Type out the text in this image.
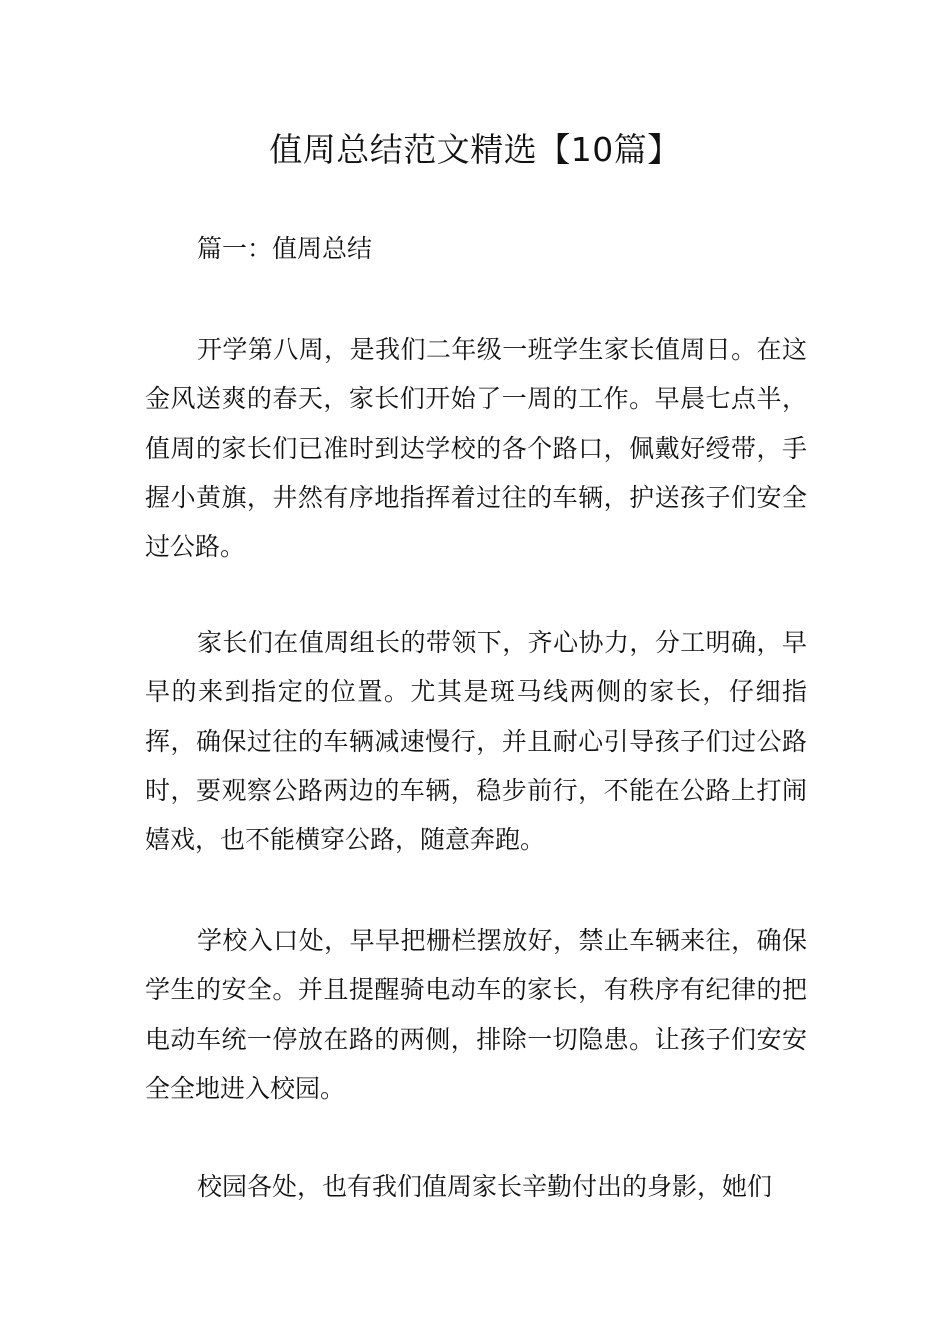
值周总结范文精选【10篇】

篇一：值周总结

开学第八周，是我们二年级一班学生家长值周日。在这金风送爽的春天，家长们开始了一周的工作。早晨七点半，值周的家长们已准时到达学校的各个路口，佩戴好绶带，手握小黄旗，井然有序地指挥着过往的车辆，护送孩子们安全过公路。

家长们在值周组长的带领下，齐心协力，分工明确，早早的来到指定的位置。尤其是斑马线两侧的家长，仔细指挥，确保过往的车辆减速慢行，并且耐心引导孩子们过公路时，要观察公路两边的车辆，稳步前行，不能在公路上打闹嬉戏，也不能横穿公路，随意奔跑。

学校入口处，早早把栅栏摆放好，禁止车辆来往，确保学生的安全。并且提醒骑电动车的家长，有秩序有纪律的把电动车统一停放在路的两侧，排除一切隐患。让孩子们安安全全地进入校园。

校园各处，也有我们值周家长辛勤付出的身影，她们
